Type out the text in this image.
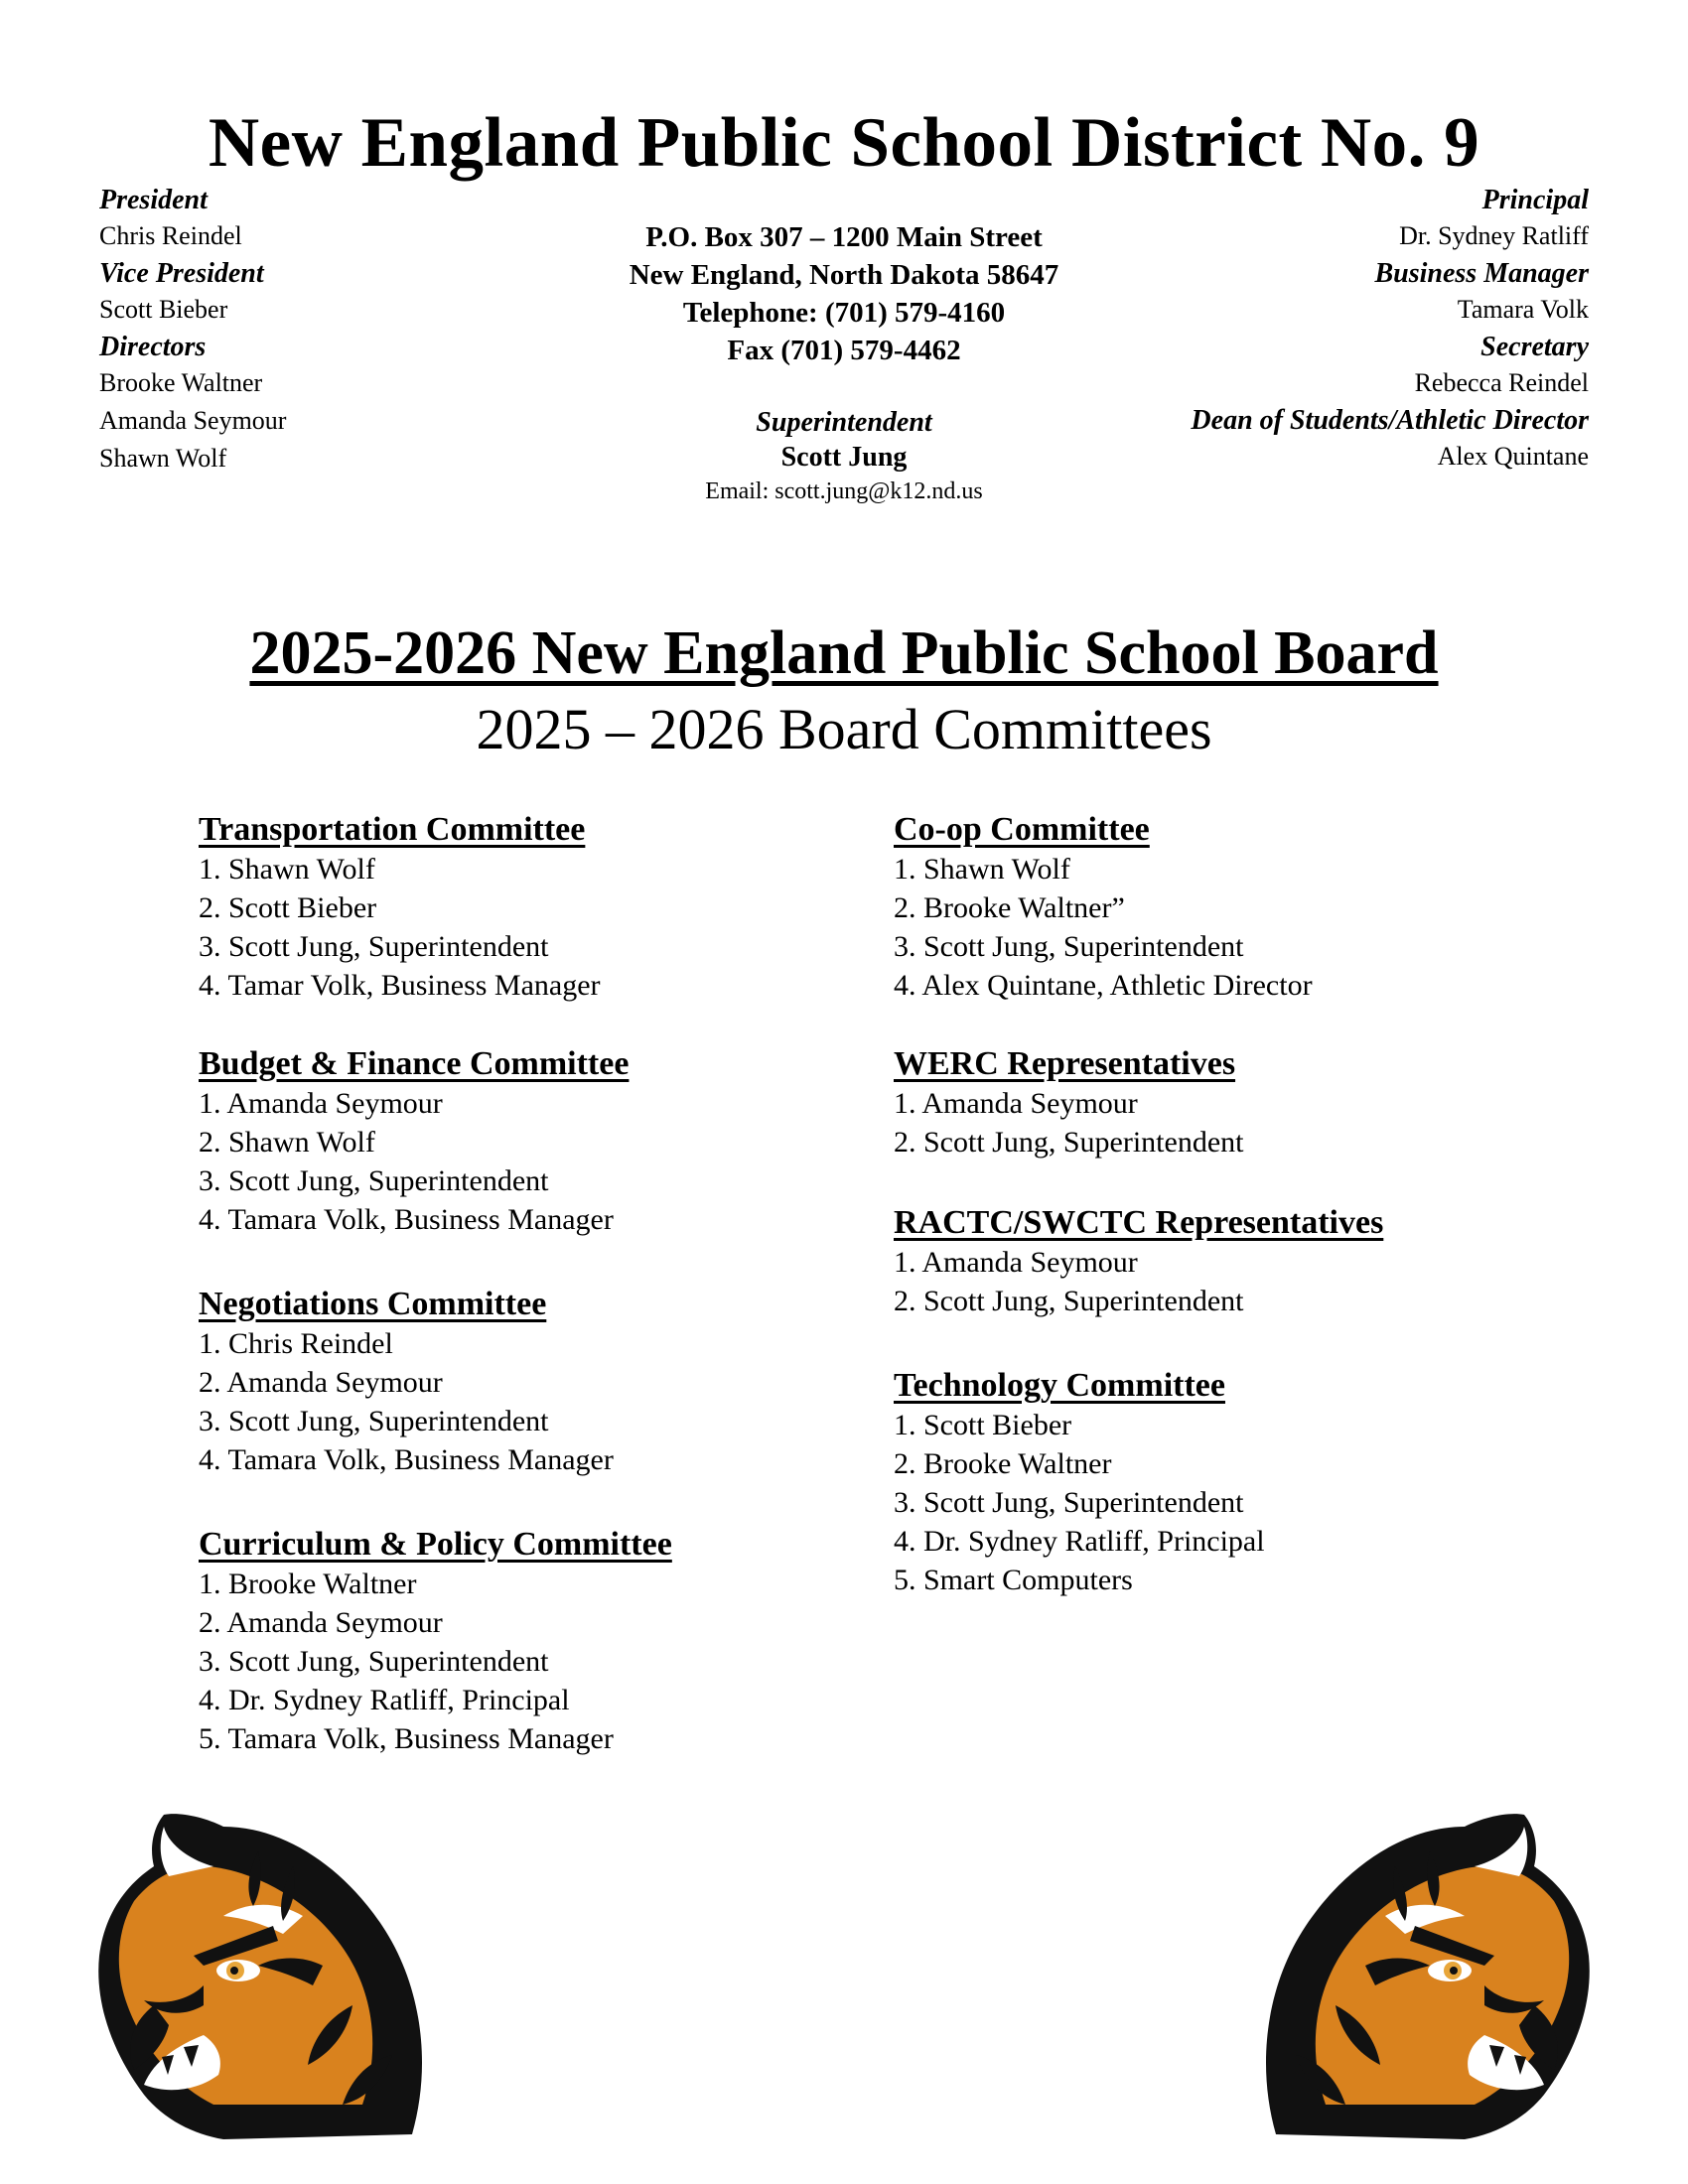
New England Public School District No. 9
President
Chris Reindel
Vice President
Scott Bieber
Directors
Brooke Waltner
Amanda Seymour
Shawn Wolf
Principal
Dr. Sydney Ratliff
Business Manager
Tamara Volk
Secretary
Rebecca Reindel
Dean of Students/Athletic Director
Alex Quintane
P.O. Box 307 – 1200 Main Street
New England, North Dakota 58647
Telephone: (701) 579-4160
Fax (701) 579-4462
Superintendent
Scott Jung
Email: scott.jung@k12.nd.us
2025-2026 New England Public School Board
2025 – 2026 Board Committees
Transportation Committee
1. Shawn Wolf
2. Scott Bieber
3. Scott Jung, Superintendent
4. Tamar Volk, Business Manager
Budget & Finance Committee
1. Amanda Seymour
2. Shawn Wolf
3. Scott Jung, Superintendent
4. Tamara Volk, Business Manager
Negotiations Committee
1. Chris Reindel
2. Amanda Seymour
3. Scott Jung, Superintendent
4. Tamara Volk, Business Manager
Curriculum & Policy Committee
1. Brooke Waltner
2. Amanda Seymour
3. Scott Jung, Superintendent
4. Dr. Sydney Ratliff, Principal
5. Tamara Volk, Business Manager
Co-op Committee
1. Shawn Wolf
2. Brooke Waltner”
3. Scott Jung, Superintendent
4. Alex Quintane, Athletic Director
WERC Representatives
1. Amanda Seymour
2. Scott Jung, Superintendent
RACTC/SWCTC Representatives
1. Amanda Seymour
2. Scott Jung, Superintendent
Technology Committee
1. Scott Bieber
2. Brooke Waltner
3. Scott Jung, Superintendent
4. Dr. Sydney Ratliff, Principal
5. Smart Computers
